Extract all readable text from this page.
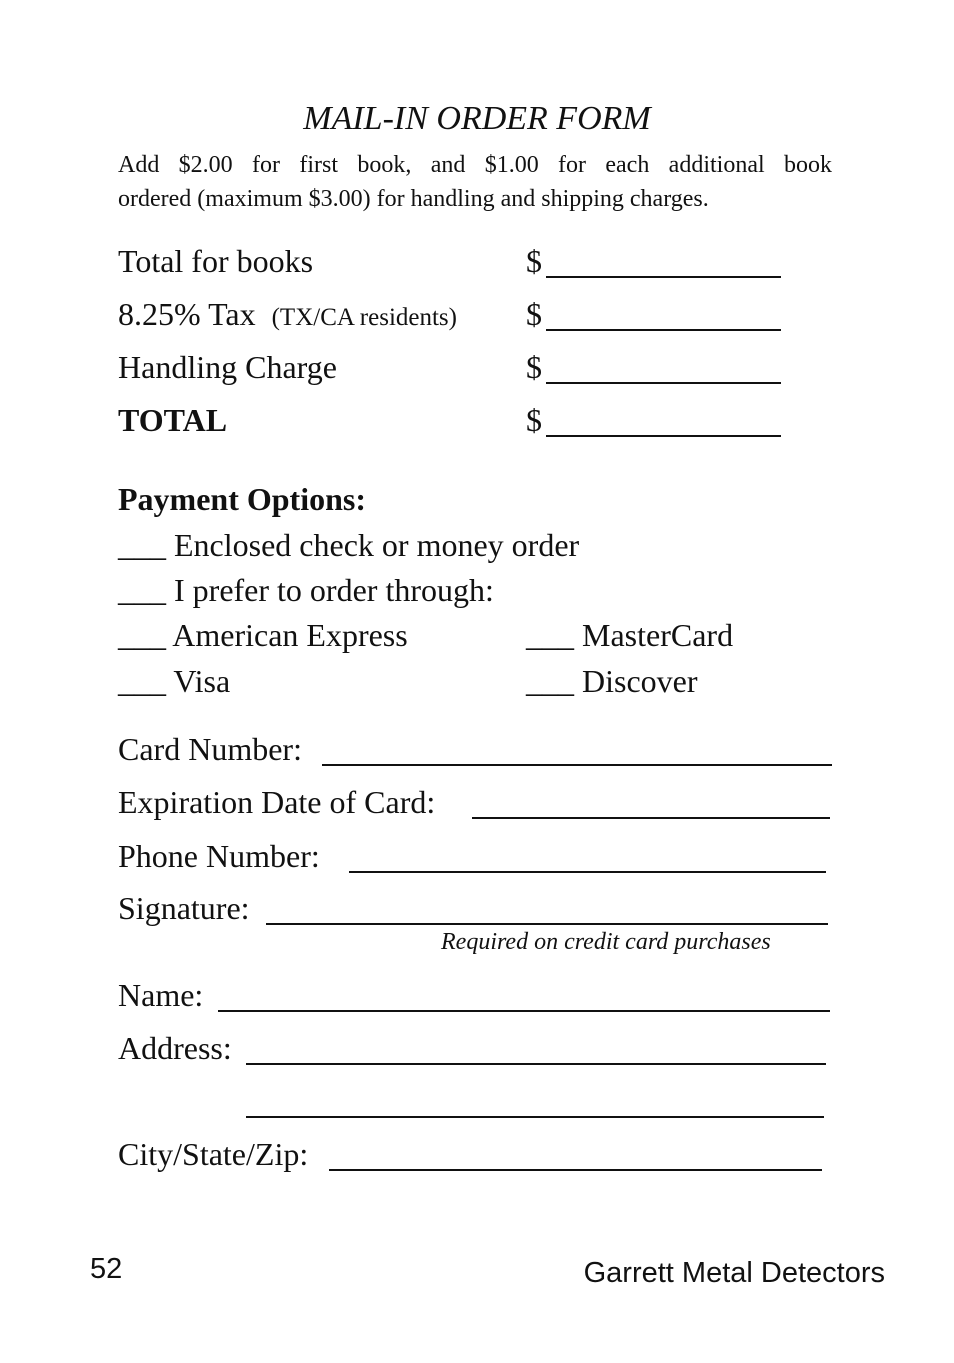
MAIL-IN ORDER FORM

Add $2.00 for first book, and $1.00 for each additional book

ordered (maximum $3.00) for handling and shipping charges.

Total for books	$
8.25% Tax (TX/CA residents) $
Handling Charge	$
TOTAL	$
Payment Options:
___ Enclosed check or money order
___ I prefer to order through:
___ American Express	___ MasterCard
___ Visa	___ Discover
Card Number:
Expiration Date of Card:
Phone Number:
Signature:
Required on credit card purchases
Name:
Address:
City/State/Zip:
52	Garrett Metal Detectors
